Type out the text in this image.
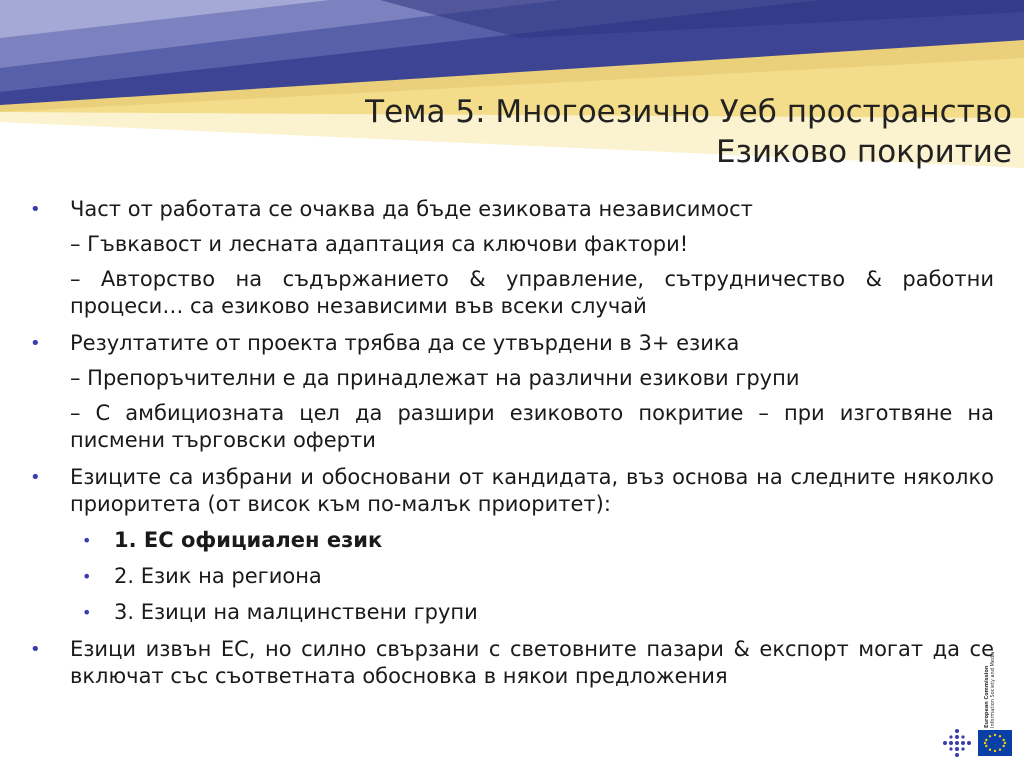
Тема 5: Многоезично Уеб пространство
Езиково покритие
•	Част от работата се очаква да бъде езиковата независимост
– Гъвкавост и лесната адаптация са ключови фактори!
– Авторство на съдържанието & управление, сътрудничество & работни процеси… са езиково независими във всеки случай
•	Резултатите от проекта трябва да се утвърдени в 3+ езика
– Препоръчителни е да принадлежат на различни езикови групи
– С амбициозната цел да разшири езиковото покритие – при изготвяне на писмени търговски оферти
•	Езиците са избрани и обосновани от кандидата, въз основа на следните няколко приоритета (от висок към по-малък приоритет):
•	1. ЕС официален език
•	2. Език на региона
•	3. Езици на малцинствени групи
•	Езици извън ЕС, но силно свързани с световните пазари & експорт могат да се включат със съответната обосновка в някои предложения	European Commission Information Society and Media
